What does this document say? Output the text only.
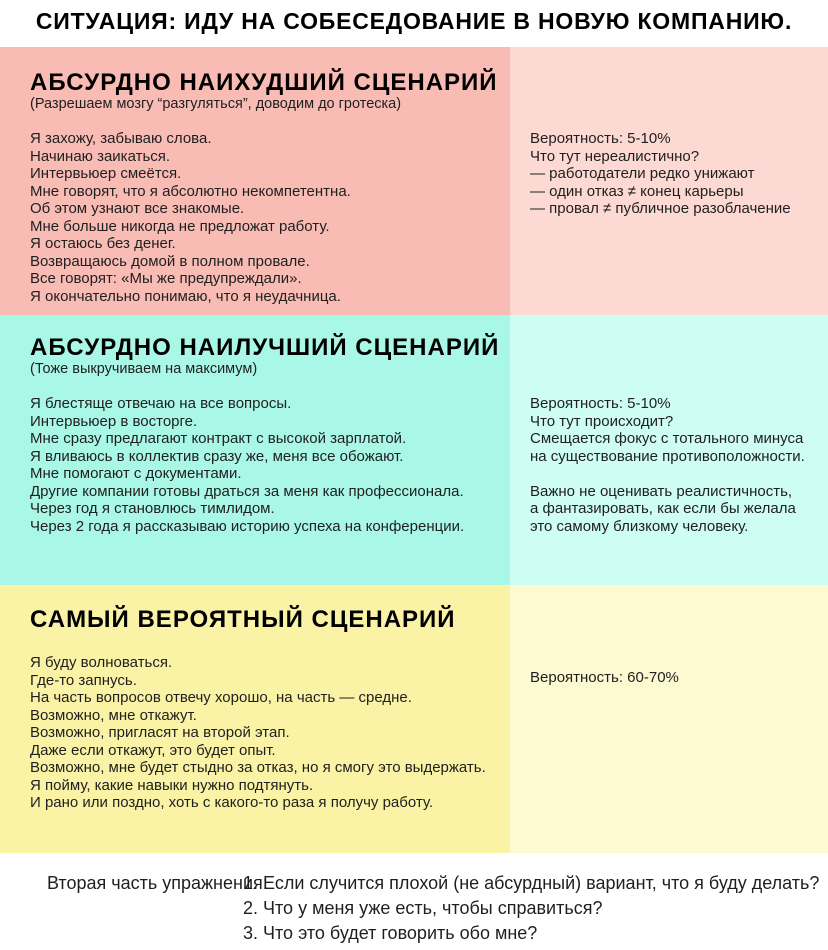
СИТУАЦИЯ: ИДУ НА СОБЕСЕДОВАНИЕ В НОВУЮ КОМПАНИЮ.
АБСУРДНО НАИХУДШИЙ СЦЕНАРИЙ
(Разрешаем мозгу “разгуляться”, доводим до гротеска)
Я захожу, забываю слова.
Начинаю заикаться.
Интервьюер смеётся.
Мне говорят, что я абсолютно некомпетентна.
Об этом узнают все знакомые.
Мне больше никогда не предложат работу.
Я остаюсь без денег.
Возвращаюсь домой в полном провале.
Все говорят: «Мы же предупреждали».
Я окончательно понимаю, что я неудачница.
Вероятность: 5-10%
Что тут нереалистично?
— работодатели редко унижают
— один отказ ≠ конец карьеры
— провал ≠ публичное разоблачение
АБСУРДНО НАИЛУЧШИЙ СЦЕНАРИЙ
(Тоже выкручиваем на максимум)
Я блестяще отвечаю на все вопросы.
Интервьюер в восторге.
Мне сразу предлагают контракт с высокой зарплатой.
Я вливаюсь в коллектив сразу же, меня все обожают.
Мне помогают с документами.
Другие компании готовы драться за меня как профессионала.
Через год я становлюсь тимлидом.
Через 2 года я рассказываю историю успеха на конференции.
Вероятность: 5-10%
Что тут происходит?
Смещается фокус с тотального минуса
на существование противоположности.
Важно не оценивать реалистичность,
а фантазировать, как если бы желала
это самому близкому человеку.
САМЫЙ ВЕРОЯТНЫЙ СЦЕНАРИЙ
Я буду волноваться.
Где-то запнусь.
На часть вопросов отвечу хорошо, на часть — средне.
Возможно, мне откажут.
Возможно, пригласят на второй этап.
Даже если откажут, это будет опыт.
Возможно, мне будет стыдно за отказ, но я смогу это выдержать.
Я пойму, какие навыки нужно подтянуть.
И рано или поздно, хоть с какого-то раза я получу работу.
Вероятность: 60-70%
Вторая часть упражнения:
1. Если случится плохой (не абсурдный) вариант, что я буду делать?
2. Что у меня уже есть, чтобы справиться?
3. Что это будет говорить обо мне?
